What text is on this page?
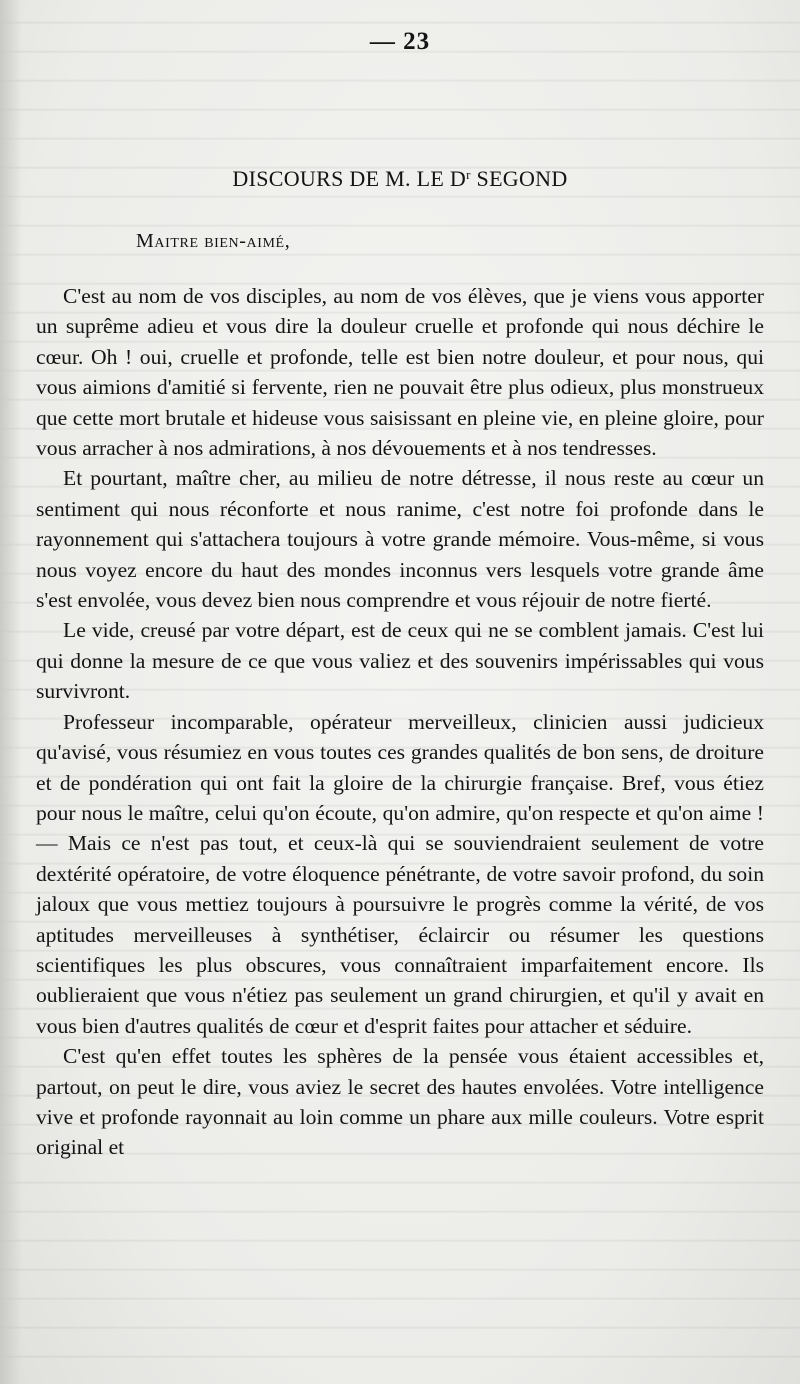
— 23
DISCOURS DE M. LE $D^r$ SEGOND
Maitre bien-aimé,

C'est au nom de vos disciples, au nom de vos élèves, que je viens vous apporter un suprême adieu et vous dire la douleur cruelle et profonde qui nous déchire le cœur. Oh ! oui, cruelle et profonde, telle est bien notre douleur, et pour nous, qui vous aimions d'amitié si fervente, rien ne pouvait être plus odieux, plus monstrueux que cette mort brutale et hideuse vous saisissant en pleine vie, en pleine gloire, pour vous arracher à nos admirations, à nos dévouements et à nos tendresses.

Et pourtant, maître cher, au milieu de notre détresse, il nous reste au cœur un sentiment qui nous réconforte et nous ranime, c'est notre foi profonde dans le rayonnement qui s'attachera toujours à votre grande mémoire. Vous-même, si vous nous voyez encore du haut des mondes inconnus vers lesquels votre grande âme s'est envolée, vous devez bien nous comprendre et vous réjouir de notre fierté.

Le vide, creusé par votre départ, est de ceux qui ne se comblent jamais. C'est lui qui donne la mesure de ce que vous valiez et des souvenirs impérissables qui vous survivront.

Professeur incomparable, opérateur merveilleux, clinicien aussi judicieux qu'avisé, vous résumiez en vous toutes ces grandes qualités de bon sens, de droiture et de pondération qui ont fait la gloire de la chirurgie française. Bref, vous étiez pour nous le maître, celui qu'on écoute, qu'on admire, qu'on respecte et qu'on aime ! — Mais ce n'est pas tout, et ceux-là qui se souviendraient seulement de votre dextérité opératoire, de votre éloquence pénétrante, de votre savoir profond, du soin jaloux que vous mettiez toujours à poursuivre le progrès comme la vérité, de vos aptitudes merveilleuses à synthétiser, éclaircir ou résumer les questions scientifiques les plus obscures, vous connaîtraient imparfaitement encore. Ils oublieraient que vous n'étiez pas seulement un grand chirurgien, et qu'il y avait en vous bien d'autres qualités de cœur et d'esprit faites pour attacher et séduire.

C'est qu'en effet toutes les sphères de la pensée vous étaient accessibles et, partout, on peut le dire, vous aviez le secret des hautes envolées. Votre intelligence vive et profonde rayonnait au loin comme un phare aux mille couleurs. Votre esprit original et
